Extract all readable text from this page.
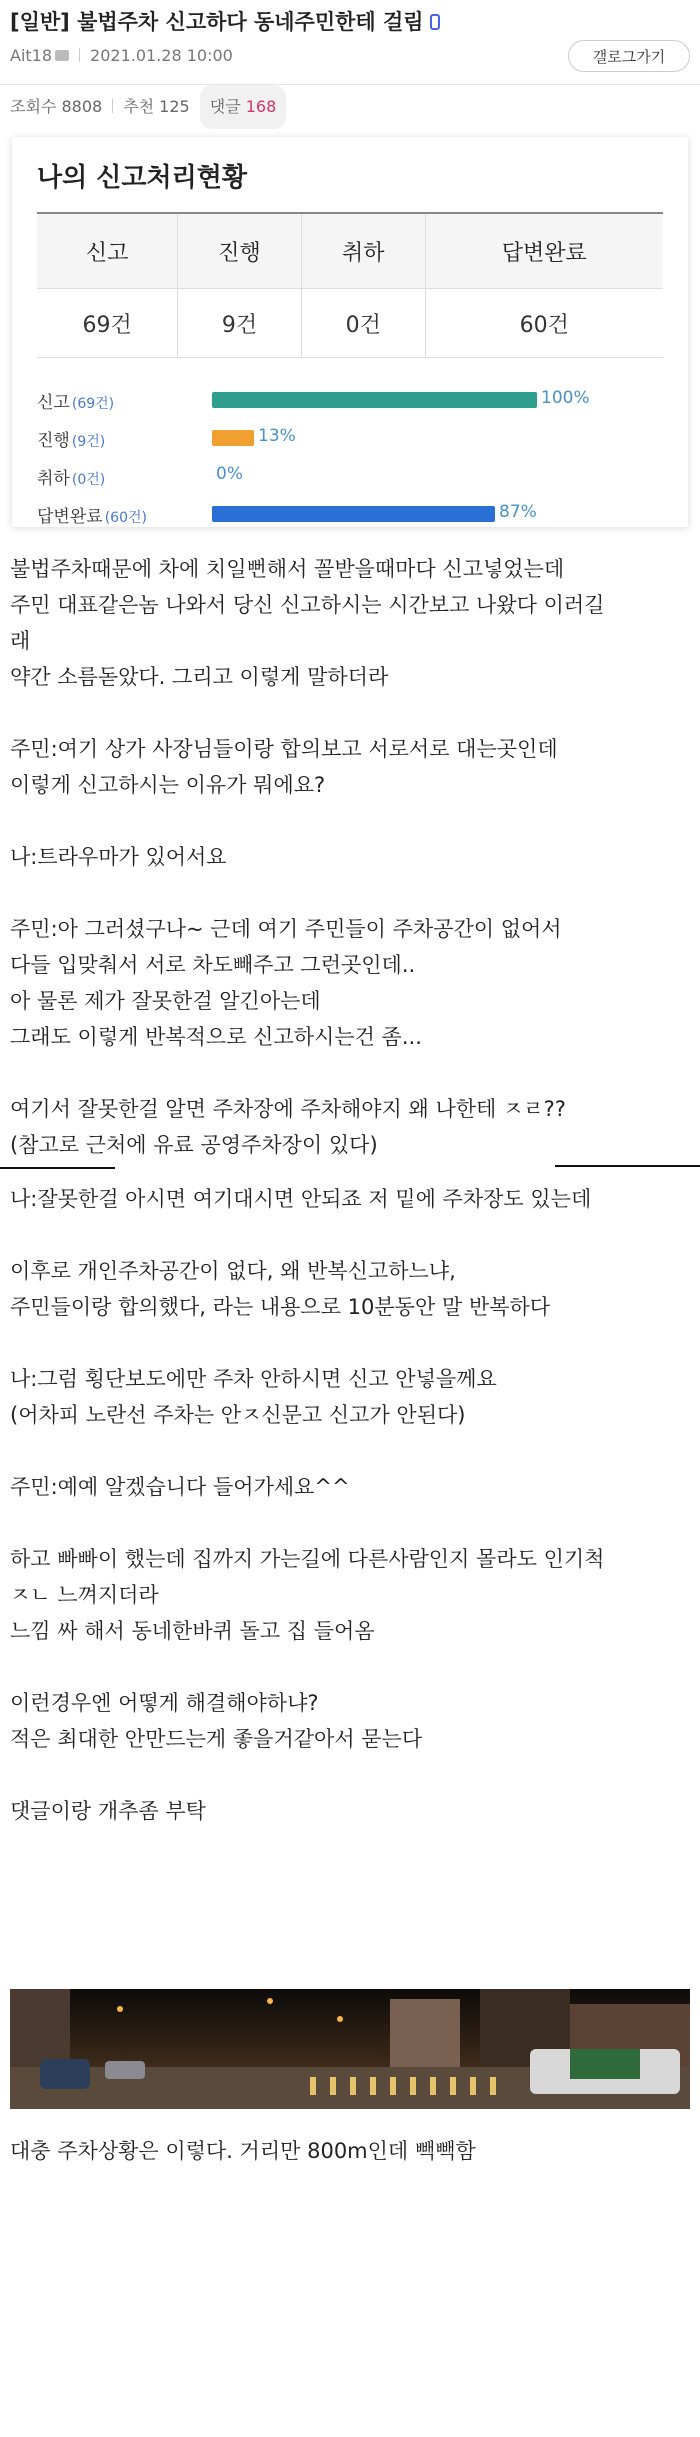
[일반] 불법주차 신고하다 동네주민한테 걸림
Ait18 2021.01.28 10:00	갤로그가기
조회수 8808 추천 125 댓글 168
나의 신고처리현황
신고	진행	취하	답변완료
69건	9건	0건	60건
신고 (69건)	100%
진행 (9건)	13%
취하 (0건)	0%
답변완료 (60건)	87%

불법주차때문에 차에 치일뻔해서 꼴받을때마다 신고넣었는데

주민 대표같은놈 나와서 당신 신고하시는 시간보고 나왔다 이러길

래

약간 소름돋았다. 그리고 이렇게 말하더라

주민:여기 상가 사장님들이랑 합의보고 서로서로 대는곳인데

이렇게 신고하시는 이유가 뭐에요?

나:트라우마가 있어서요

주민:아 그러셨구나~ 근데 여기 주민들이 주차공간이 없어서

다들 입맞춰서 서로 차도빼주고 그런곳인데..

아 물론 제가 잘못한걸 알긴아는데

그래도 이렇게 반복적으로 신고하시는건 좀...

여기서 잘못한걸 알면 주차장에 주차해야지 왜 나한테 ㅈㄹ??

(참고로 근처에 유료 공영주차장이 있다)

나:잘못한걸 아시면 여기대시면 안되죠 저 밑에 주차장도 있는데

이후로 개인주차공간이 없다, 왜 반복신고하느냐,

주민들이랑 합의했다, 라는 내용으로 10분동안 말 반복하다

나:그럼 횡단보도에만 주차 안하시면 신고 안넣을께요

(어차피 노란선 주차는 안ㅈ신문고 신고가 안된다)

주민:예예 알겠습니다 들어가세요^^

하고 빠빠이 했는데 집까지 가는길에 다른사람인지 몰라도 인기척

ㅈㄴ 느껴지더라

느낌 싸 해서 동네한바퀴 돌고 집 들어옴

이런경우엔 어떻게 해결해야하냐?

적은 최대한 안만드는게 좋을거같아서 묻는다

댓글이랑 개추좀 부탁

대충 주차상황은 이렇다. 거리만 800m인데 빽빽함
